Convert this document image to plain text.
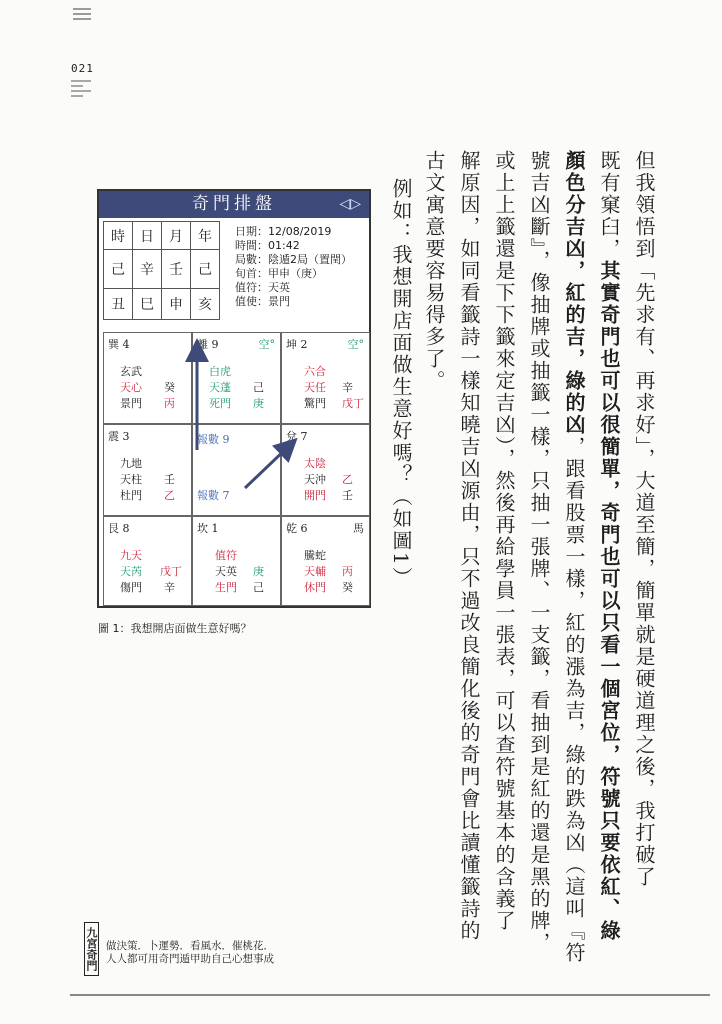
021
但我領悟到「先求有、再求好」，大道至簡，簡單就是硬道理之後，我打破了
既有窠臼，其實奇門也可以很簡單，奇門也可以只看一個宮位，符號只要依紅、綠
顏色分吉凶，紅的吉，綠的凶，跟看股票一樣，紅的漲為吉，綠的跌為凶（這叫『符
號吉凶斷』，像抽牌或抽籤一樣，只抽一張牌、一支籤，看抽到是紅的還是黑的牌，
或上上籤還是下下籤來定吉凶），然後再給學員一張表，可以查符號基本的含義了
解原因，如同看籤詩一樣知曉吉凶源由，只不過改良簡化後的奇門會比讀懂籤詩的
古文寓意要容易得多了。
例如：我想開店面做生意好嗎？（如圖1）
奇門排盤	◁▷
時	日	月	年
己	辛	壬	己
丑	巳	申	亥
日期：12/08/2019
時間：01:42
局數：陰遁2局（置閏）
旬首：甲申（庚）
值符：天英
值使：景門
巽 4
玄武
天心 癸
景門 丙
離 9	空°
白虎
天蓬 己
死門 庚
坤 2	空°
六合
天任 辛
驚門 戊丁
震 3
九地
天柱 壬
杜門 乙
報數 9
報數 7
兌 7
太陰
天沖 乙
開門 壬
艮 8
九天
天芮 戊丁
傷門 辛
坎 1
值符
天英 庚
生門 己
乾 6	馬
騰蛇
天輔 丙
休門 癸
圖 1：我想開店面做生意好嗎？
九宮奇門 做決策．卜運勢．看風水．催桃花．
人人都可用奇門遁甲助自己心想事成
